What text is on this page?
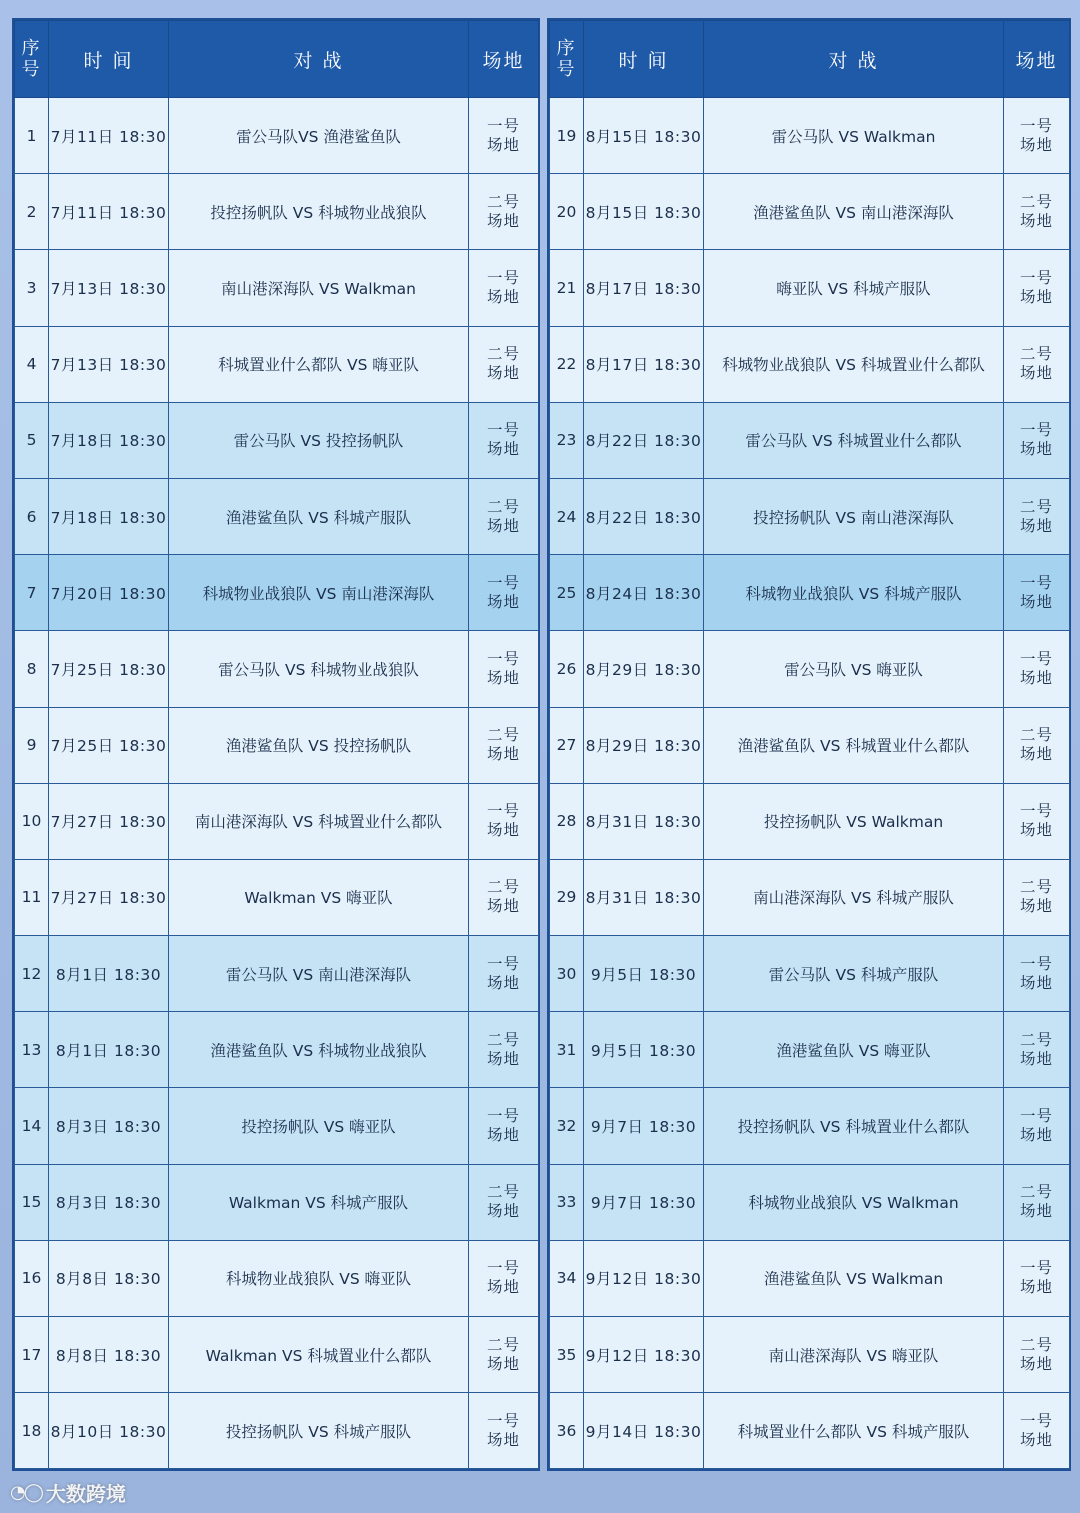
序
号	时 间	对 战	场地
1	7月11日 18:30	雷公马队VS 渔港鲨鱼队	一号
场地

2	7月11日 18:30	投控扬帆队 VS 科城物业战狼队	二号
场地

3	7月13日 18:30	南山港深海队 VS Walkman	一号
场地

4	7月13日 18:30	科城置业什么都队 VS 嗨亚队	二号
场地

5	7月18日 18:30	雷公马队 VS 投控扬帆队	一号
场地

6	7月18日 18:30	渔港鲨鱼队 VS 科城产服队	二号
场地

7	7月20日 18:30	科城物业战狼队 VS 南山港深海队	一号
场地

8	7月25日 18:30	雷公马队 VS 科城物业战狼队	一号
场地

9	7月25日 18:30	渔港鲨鱼队 VS 投控扬帆队	二号
场地

10	7月27日 18:30	南山港深海队 VS 科城置业什么都队	一号
场地

11	7月27日 18:30	Walkman VS 嗨亚队	二号
场地

12	8月1日 18:30	雷公马队 VS 南山港深海队	一号
场地

13	8月1日 18:30	渔港鲨鱼队 VS 科城物业战狼队	二号
场地

14	8月3日 18:30	投控扬帆队 VS 嗨亚队	一号
场地

15	8月3日 18:30	Walkman VS 科城产服队	二号
场地

16	8月8日 18:30	科城物业战狼队 VS 嗨亚队	一号
场地

17	8月8日 18:30	Walkman VS 科城置业什么都队	二号
场地

18	8月10日 18:30	投控扬帆队 VS 科城产服队	一号
场地
序
号	时 间	对 战	场地
19	8月15日 18:30	雷公马队 VS Walkman	一号
场地

20	8月15日 18:30	渔港鲨鱼队 VS 南山港深海队	二号
场地

21	8月17日 18:30	嗨亚队 VS 科城产服队	一号
场地

22	8月17日 18:30	科城物业战狼队 VS 科城置业什么都队	二号
场地

23	8月22日 18:30	雷公马队 VS 科城置业什么都队	一号
场地

24	8月22日 18:30	投控扬帆队 VS 南山港深海队	二号
场地

25	8月24日 18:30	科城物业战狼队 VS 科城产服队	一号
场地

26	8月29日 18:30	雷公马队 VS 嗨亚队	一号
场地

27	8月29日 18:30	渔港鲨鱼队 VS 科城置业什么都队	二号
场地

28	8月31日 18:30	投控扬帆队 VS Walkman	一号
场地

29	8月31日 18:30	南山港深海队 VS 科城产服队	二号
场地

30	9月5日 18:30	雷公马队 VS 科城产服队	一号
场地

31	9月5日 18:30	渔港鲨鱼队 VS 嗨亚队	二号
场地

32	9月7日 18:30	投控扬帆队 VS 科城置业什么都队	一号
场地

33	9月7日 18:30	科城物业战狼队 VS Walkman	二号
场地

34	9月12日 18:30	渔港鲨鱼队 VS Walkman	一号
场地

35	9月12日 18:30	南山港深海队 VS 嗨亚队	二号
场地

36	9月14日 18:30	科城置业什么都队 VS 科城产服队	一号
场地
◔◯ 大数跨境
